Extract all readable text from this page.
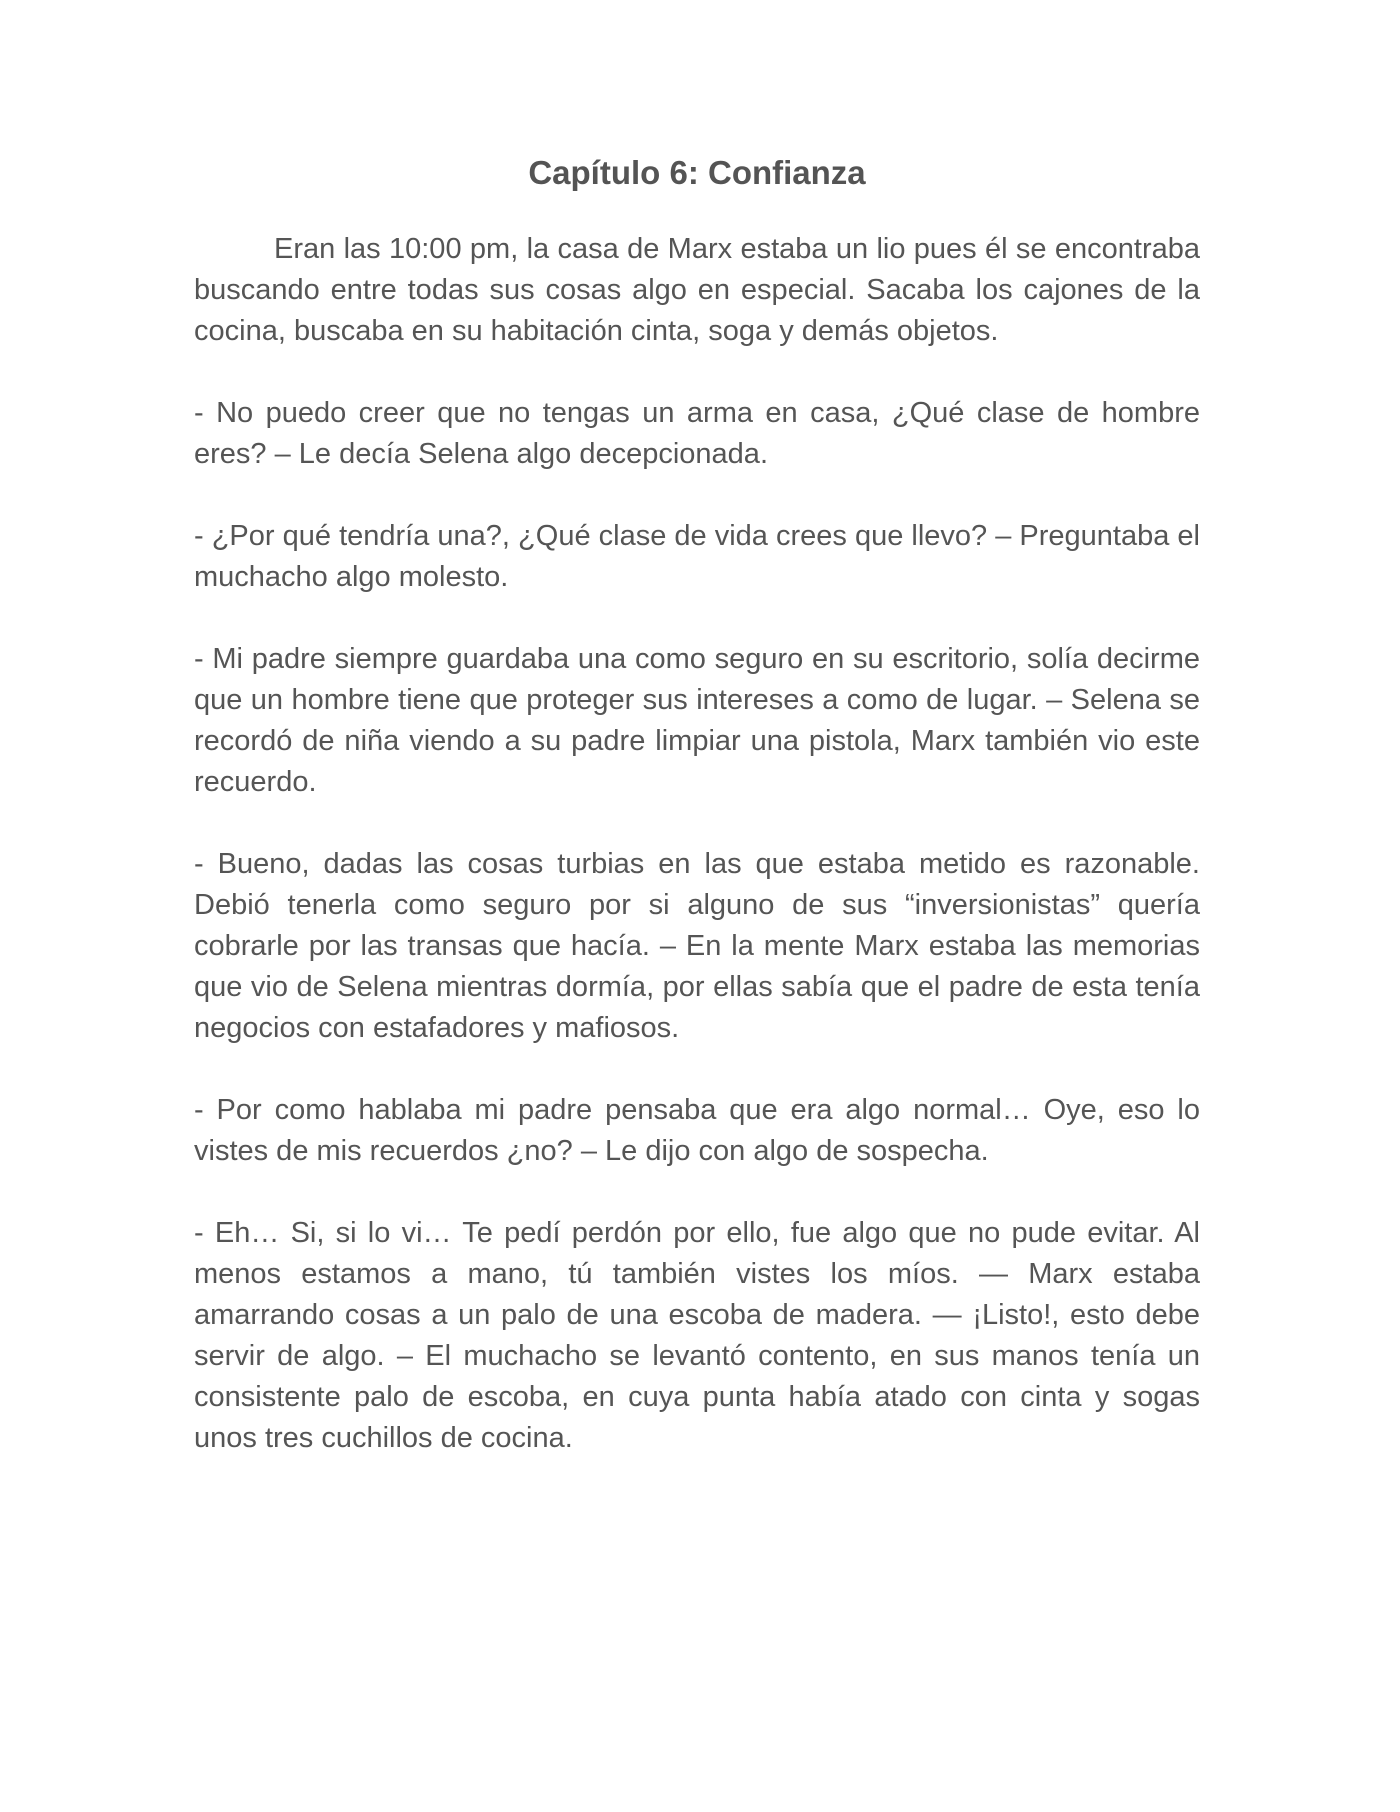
Capítulo 6: Confianza

Eran las 10:00 pm, la casa de Marx estaba un lio pues él se encontraba buscando entre todas sus cosas algo en especial. Sacaba los cajones de la cocina, buscaba en su habitación cinta, soga y demás objetos.

- No puedo creer que no tengas un arma en casa, ¿Qué clase de hombre eres? – Le decía Selena algo decepcionada.

- ¿Por qué tendría una?, ¿Qué clase de vida crees que llevo? – Preguntaba el muchacho algo molesto.

- Mi padre siempre guardaba una como seguro en su escritorio, solía decirme que un hombre tiene que proteger sus intereses a como de lugar. – Selena se recordó de niña viendo a su padre limpiar una pistola, Marx también vio este recuerdo.

- Bueno, dadas las cosas turbias en las que estaba metido es razonable. Debió tenerla como seguro por si alguno de sus “inversionistas” quería cobrarle por las transas que hacía. – En la mente Marx estaba las memorias que vio de Selena mientras dormía, por ellas sabía que el padre de esta tenía negocios con estafadores y mafiosos.

- Por como hablaba mi padre pensaba que era algo normal… Oye, eso lo vistes de mis recuerdos ¿no? – Le dijo con algo de sospecha.

- Eh… Si, si lo vi… Te pedí perdón por ello, fue algo que no pude evitar. Al menos estamos a mano, tú también vistes los míos. — Marx estaba amarrando cosas a un palo de una escoba de madera. — ¡Listo!, esto debe servir de algo. – El muchacho se levantó contento, en sus manos tenía un consistente palo de escoba, en cuya punta había atado con cinta y sogas unos tres cuchillos de cocina.
